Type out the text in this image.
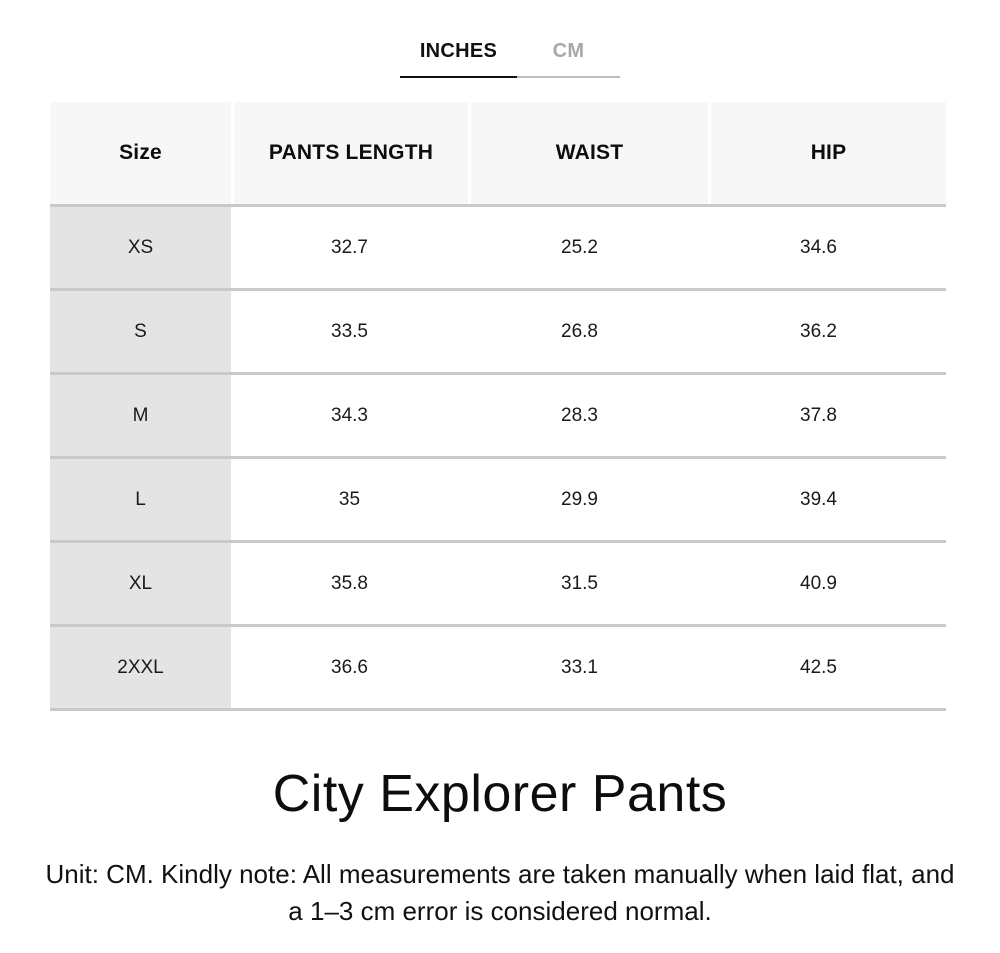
INCHES	CM
Size	PANTS LENGTH	WAIST	HIP
XS	32.7	25.2	34.6
S	33.5	26.8	36.2
M	34.3	28.3	37.8
L	35	29.9	39.4
XL	35.8	31.5	40.9
2XXL	36.6	33.1	42.5
City Explorer Pants

Unit: CM. Kindly note: All measurements are taken manually when laid flat, and a 1–3 cm error is considered normal.
